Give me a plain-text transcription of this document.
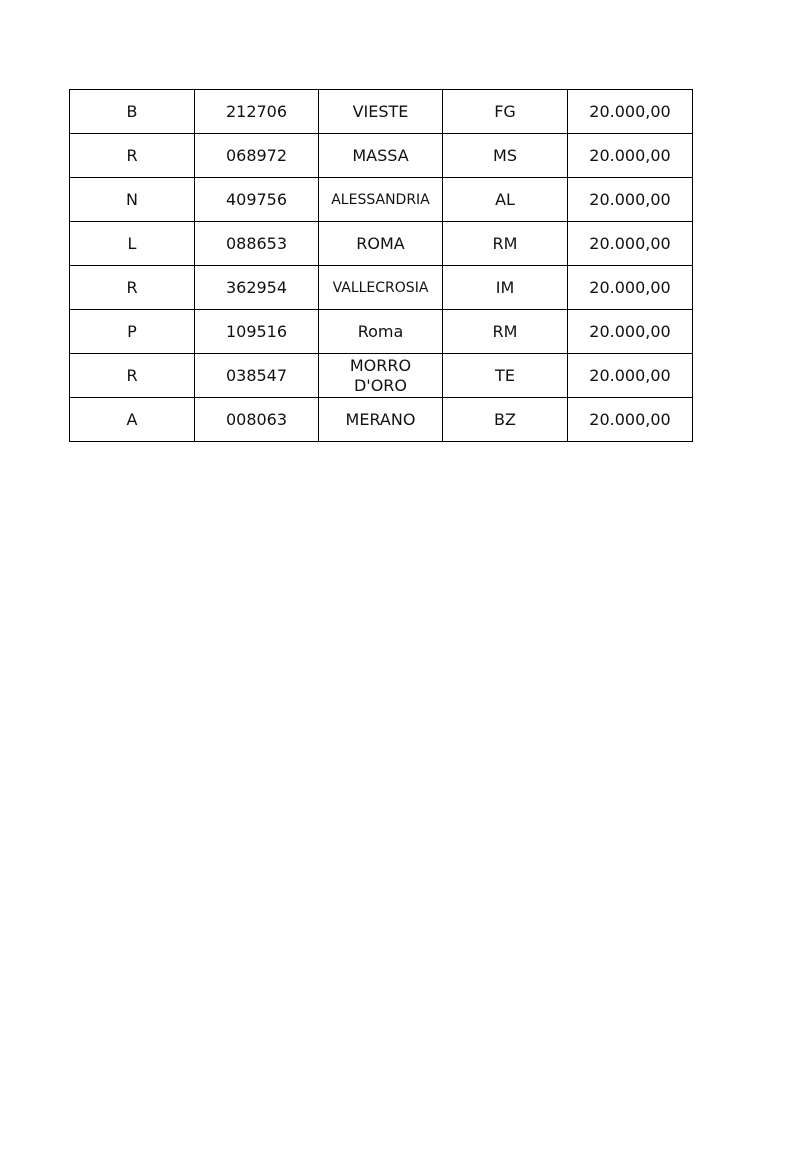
B	212706	VIESTE	FG	20.000,00
R	068972	MASSA	MS	20.000,00
N	409756	ALESSANDRIA	AL	20.000,00
L	088653	ROMA	RM	20.000,00
R	362954	VALLECROSIA	IM	20.000,00
P	109516	Roma	RM	20.000,00
R	038547	MORRO D'ORO	TE	20.000,00
A	008063	MERANO	BZ	20.000,00
